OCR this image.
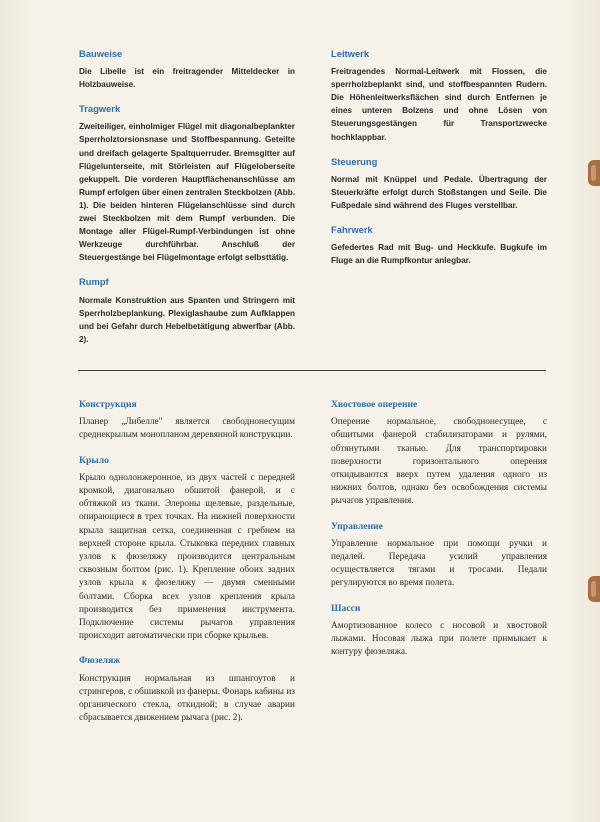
Bauweise

Die Libelle ist ein freitragender Mitteldecker in Holzbauweise.

Tragwerk

Zweiteiliger, einholmiger Flügel mit diagonalbeplankter Sperrholztorsionsnase und Stoffbespannung. Geteilte und dreifach gelagerte Spaltquerruder. Bremsgitter auf Flügelunterseite, mit Störleisten auf Flügeloberseite gekuppelt. Die vorderen Hauptflächenanschlüsse am Rumpf erfolgen über einen zentralen Steckbolzen (Abb. 1). Die beiden hinteren Flügelanschlüsse sind durch zwei Steckbolzen mit dem Rumpf verbunden. Die Montage aller Flügel-Rumpf-Verbindungen ist ohne Werkzeuge durchführbar. Anschluß der Steuergestänge bei Flügelmontage erfolgt selbsttätig.

Rumpf

Normale Konstruktion aus Spanten und Stringern mit Sperrholzbeplankung. Plexiglashaube zum Aufklappen und bei Gefahr durch Hebelbetätigung abwerfbar (Abb. 2).

Leitwerk

Freitragendes Normal-Leitwerk mit Flossen, die sperrholzbeplankt sind, und stoffbespannten Rudern. Die Höhenleitwerksflächen sind durch Entfernen je eines unteren Bolzens und ohne Lösen von Steuerungsgestängen für Transportzwecke hochklappbar.

Steuerung

Normal mit Knüppel und Pedale. Übertragung der Steuerkräfte erfolgt durch Stoßstangen und Seile. Die Fußpedale sind während des Fluges verstellbar.

Fahrwerk

Gefedertes Rad mit Bug- und Heckkufe. Bugkufe im Fluge an die Rumpfkontur anlegbar.

Конструкция

Планер „Либелле" является свободнонесущим среднекрылым монопланом деревянной конструкции.

Крыло

Крыло однолонжеронное, из двух частей с передней кромкой, диагонально обшитой фанерой, и с обтяжкой из ткани. Элероны щелевые, раздельные, опирающиеся в трех точках. На нижней поверхности крыла защитная сетка, соединенная с гребнем на верхней стороне крыла. Стыковка передних главных узлов к фюзеляжу производится центральным сквозным болтом (рис. 1). Крепление обоих задних узлов крыла к фюзеляжу — двумя сменными болтами. Сборка всех узлов крепления крыла производится без применения инструмента. Подключение системы рычагов управления происходит автоматически при сборке крыльев.

Фюзеляж

Конструкция нормальная из шпангоутов и стрингеров, с обшивкой из фанеры. Фонарь кабины из органического стекла, откидной; в случае аварии сбрасывается движением рычага (рис. 2).

Хвостовое оперение

Оперение нормальное, свободнонесущее, с обшитыми фанерой стабилизаторами и рулями, обтянутыми тканью. Для транспортировки поверхности горизонтального оперения откидываются вверх путем удаления одного из нижних болтов, однако без освобождения системы рычагов управления.

Управление

Управление нормальное при помощи ручки и педалей. Передача усилий управления осуществляется тягами и тросами. Педали регулируются во время полета.

Шасси

Амортизованное колесо с носовой и хвостовой лыжами. Носовая лыжа при полете примыкает к контуру фюзеляжа.
